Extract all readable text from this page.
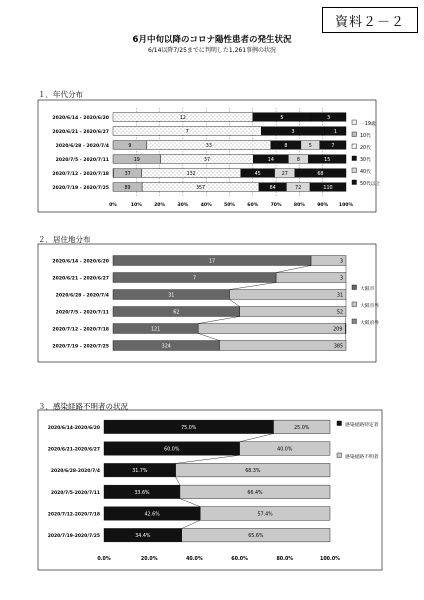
資料２－２
6月中旬以降のコロナ陽性患者の発生状況
6/14以降7/25までに判明した1,261事例の状況
１．年代分布
２．居住地分布
３．感染経路不明者の状況
2020/6/14 - 2020/6/20	12	5	3
2020/6/21 - 2020/6/27	7	3	1
2020/6/28 - 2020/7/4	9	33	8	5	7
2020/7/5 - 2020/7/11	19	37	14	8	15
2020/7/12 - 2020/7/18	37	132	45	27	68
2020/7/19 - 2020/7/25	89	357	84	72	110
0%	10%	20%	30%	40%	50%	60%	70%	80%	90% 100%
一19歳
10代
20代
30代
40代
50代以上
2020/6/14 - 2020/6/20	17	3
2020/6/21 - 2020/6/27	7	3
2020/6/28 - 2020/7/4	31	31
2020/7/5 - 2020/7/11	62	52
2020/7/12 - 2020/7/18	121	209
2020/7/19 - 2020/7/25	324	385
大阪市
大阪市外
大阪府外
2020/6/14-2020/6/20	75.0%	25.0%
2020/6/21-2020/6/27	60.0%	40.0%
2020/6/28-2020/7/4	31.7%	68.3%
2020/7/5-2020/7/11	33.6%	66.4%
2020/7/12-2020/7/18	42.6%	57.4%
2020/7/19-2020/7/25	34.4%	65.6%
0.0%	20.0%	40.0%	60.0%	80.0%	100.0%
感染経路特定者
感染経路不明者
